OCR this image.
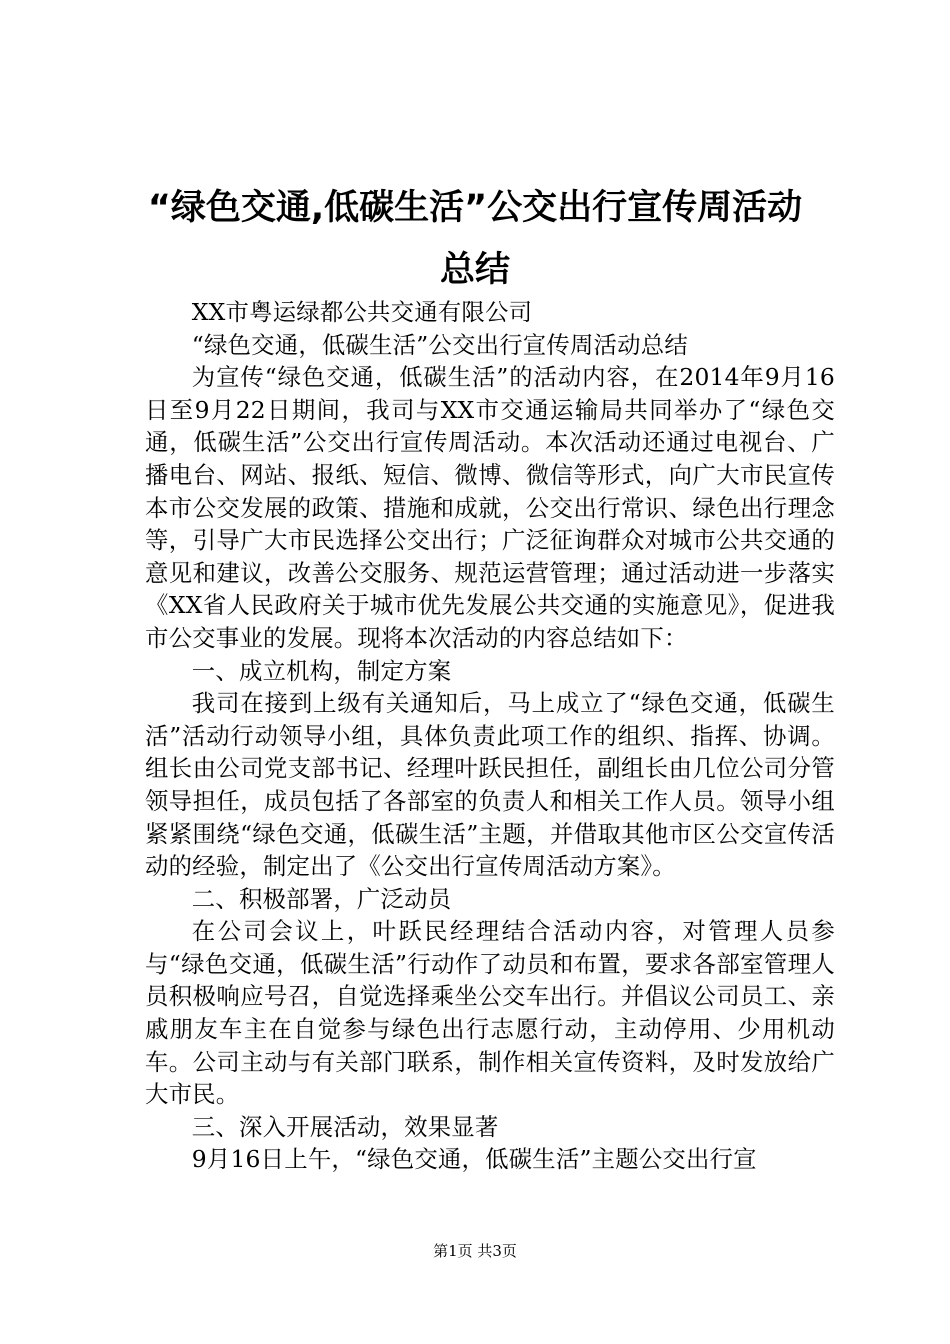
“绿色交通,低碳生活”公交出行宣传周活动
总结

XX市粤运绿都公共交通有限公司

“绿色交通，低碳生活”公交出行宣传周活动总结

为宣传“绿色交通，低碳生活”的活动内容，在2014年9月16日至9月22日期间，我司与XX市交通运输局共同举办了“绿色交通，低碳生活”公交出行宣传周活动。本次活动还通过电视台、广播电台、网站、报纸、短信、微博、微信等形式，向广大市民宣传本市公交发展的政策、措施和成就，公交出行常识、绿色出行理念等，引导广大市民选择公交出行；广泛征询群众对城市公共交通的意见和建议，改善公交服务、规范运营管理；通过活动进一步落实《XX省人民政府关于城市优先发展公共交通的实施意见》，促进我市公交事业的发展。现将本次活动的内容总结如下：

一、成立机构，制定方案

我司在接到上级有关通知后，马上成立了“绿色交通，低碳生活”活动行动领导小组，具体负责此项工作的组织、指挥、协调。组长由公司党支部书记、经理叶跃民担任，副组长由几位公司分管领导担任，成员包括了各部室的负责人和相关工作人员。领导小组紧紧围绕“绿色交通，低碳生活”主题，并借取其他市区公交宣传活动的经验，制定出了《公交出行宣传周活动方案》。

二、积极部署，广泛动员

在公司会议上，叶跃民经理结合活动内容，对管理人员参与“绿色交通，低碳生活”行动作了动员和布置，要求各部室管理人员积极响应号召，自觉选择乘坐公交车出行。并倡议公司员工、亲戚朋友车主在自觉参与绿色出行志愿行动，主动停用、少用机动车。公司主动与有关部门联系，制作相关宣传资料，及时发放给广大市民。

三、深入开展活动，效果显著

9月16日上午，“绿色交通，低碳生活”主题公交出行宣

第1页 共3页
